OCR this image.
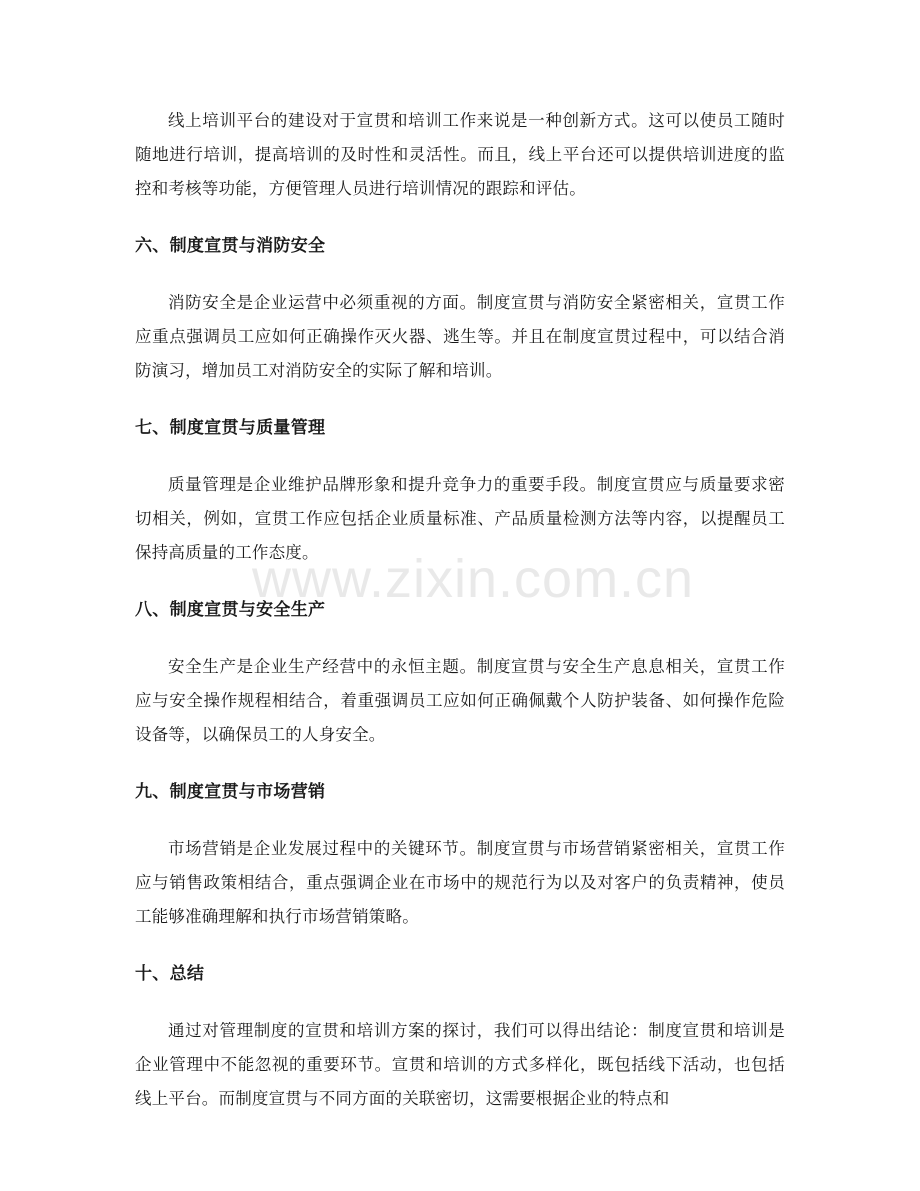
线上培训平台的建设对于宣贯和培训工作来说是一种创新方式。这可以使员工随时随地进行培训，提高培训的及时性和灵活性。而且，线上平台还可以提供培训进度的监控和考核等功能，方便管理人员进行培训情况的跟踪和评估。

六、制度宣贯与消防安全

消防安全是企业运营中必须重视的方面。制度宣贯与消防安全紧密相关，宣贯工作应重点强调员工应如何正确操作灭火器、逃生等。并且在制度宣贯过程中，可以结合消防演习，增加员工对消防安全的实际了解和培训。

七、制度宣贯与质量管理

质量管理是企业维护品牌形象和提升竞争力的重要手段。制度宣贯应与质量要求密切相关，例如，宣贯工作应包括企业质量标准、产品质量检测方法等内容，以提醒员工保持高质量的工作态度。

八、制度宣贯与安全生产

安全生产是企业生产经营中的永恒主题。制度宣贯与安全生产息息相关，宣贯工作应与安全操作规程相结合，着重强调员工应如何正确佩戴个人防护装备、如何操作危险设备等，以确保员工的人身安全。

九、制度宣贯与市场营销

市场营销是企业发展过程中的关键环节。制度宣贯与市场营销紧密相关，宣贯工作应与销售政策相结合，重点强调企业在市场中的规范行为以及对客户的负责精神，使员工能够准确理解和执行市场营销策略。

十、总结

通过对管理制度的宣贯和培训方案的探讨，我们可以得出结论：制度宣贯和培训是企业管理中不能忽视的重要环节。宣贯和培训的方式多样化，既包括线下活动，也包括线上平台。而制度宣贯与不同方面的关联密切，这需要根据企业的特点和

www.zixin.com.cn
